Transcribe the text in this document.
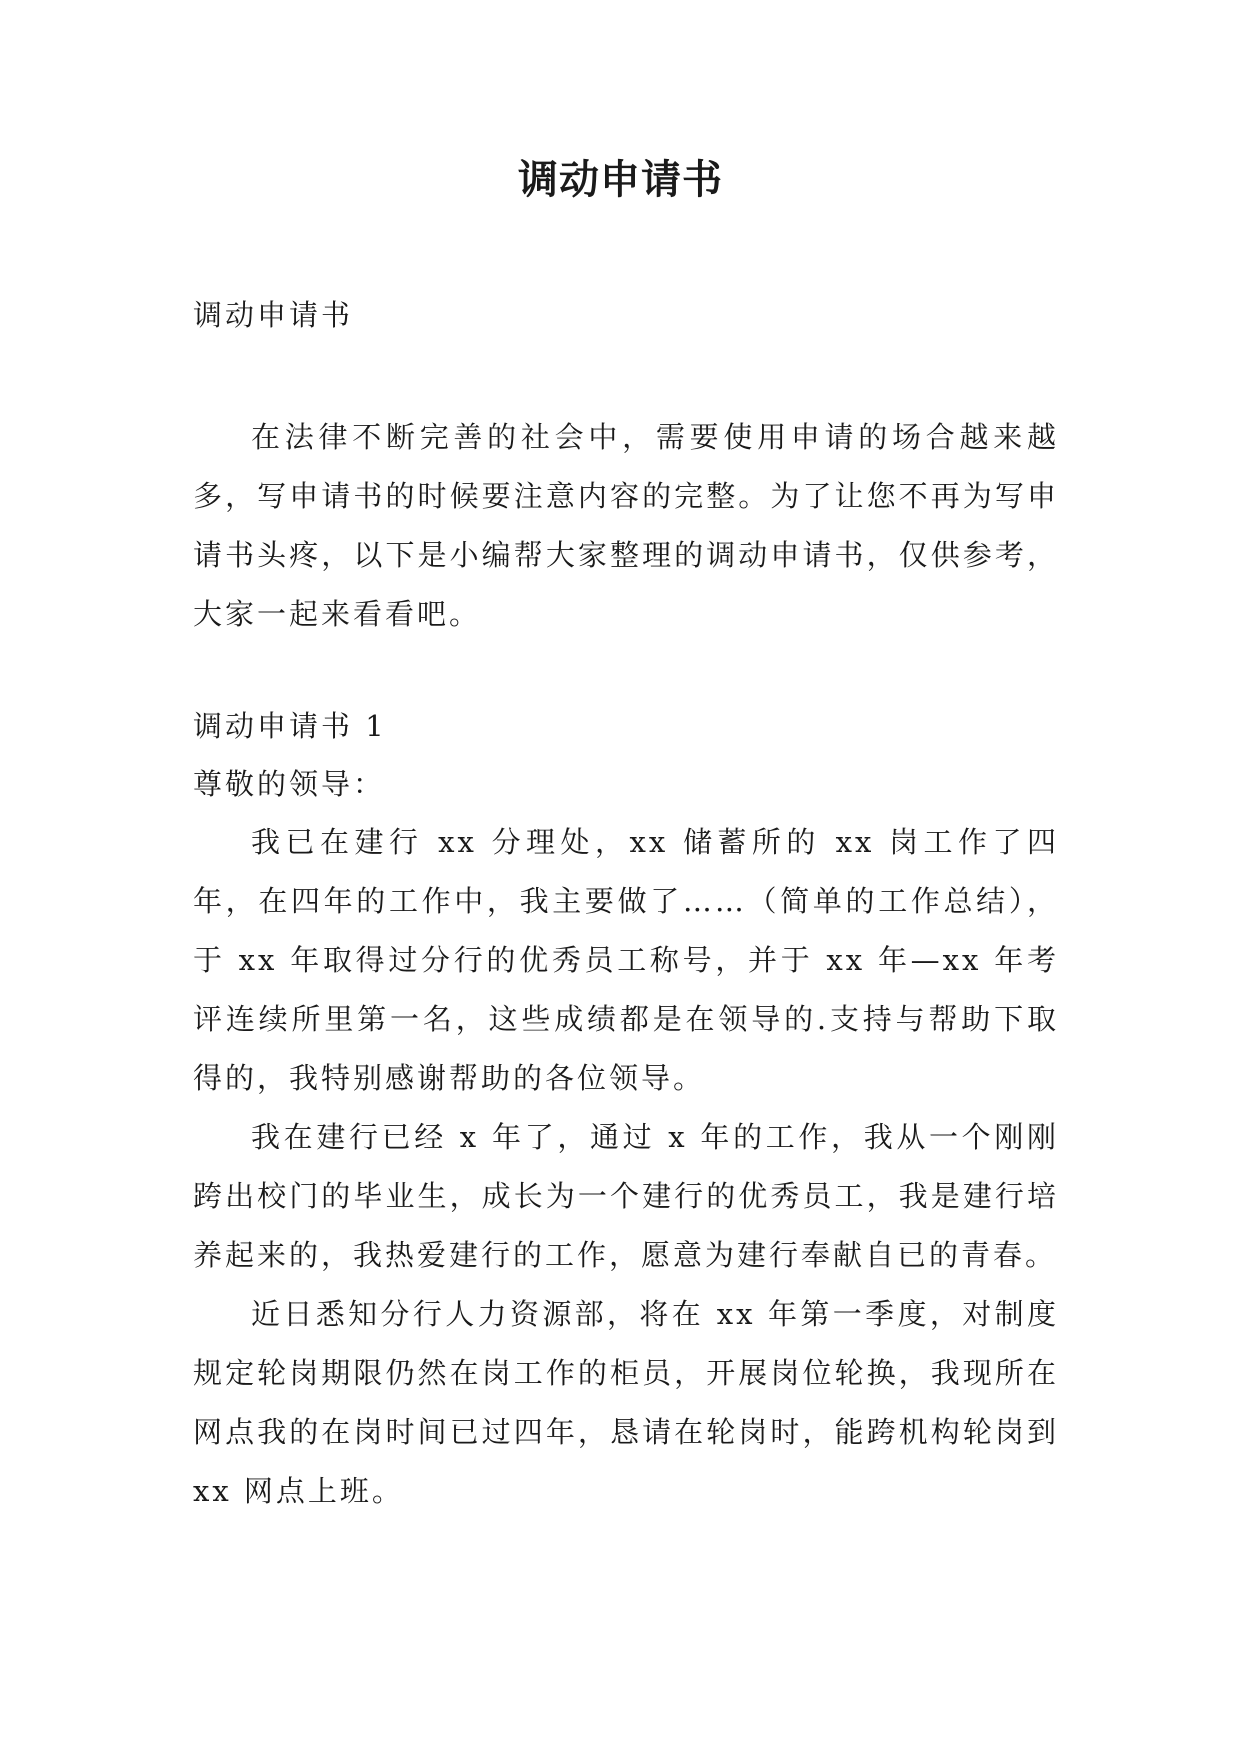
调动申请书

调动申请书

在法律不断完善的社会中，需要使用申请的场合越来越多，写申请书的时候要注意内容的完整。为了让您不再为写申请书头疼，以下是小编帮大家整理的调动申请书，仅供参考，大家一起来看看吧。

调动申请书 1

尊敬的领导：

我已在建行 xx 分理处，xx 储蓄所的 xx 岗工作了四年，在四年的工作中，我主要做了……（简单的工作总结），于 xx 年取得过分行的优秀员工称号，并于 xx 年—xx 年考评连续所里第一名，这些成绩都是在领导的.支持与帮助下取得的，我特别感谢帮助的各位领导。

我在建行已经 x 年了，通过 x 年的工作，我从一个刚刚跨出校门的毕业生，成长为一个建行的优秀员工，我是建行培养起来的，我热爱建行的工作，愿意为建行奉献自已的青春。

近日悉知分行人力资源部，将在 xx 年第一季度，对制度规定轮岗期限仍然在岗工作的柜员，开展岗位轮换，我现所在网点我的在岗时间已过四年，恳请在轮岗时，能跨机构轮岗到 xx 网点上班。
